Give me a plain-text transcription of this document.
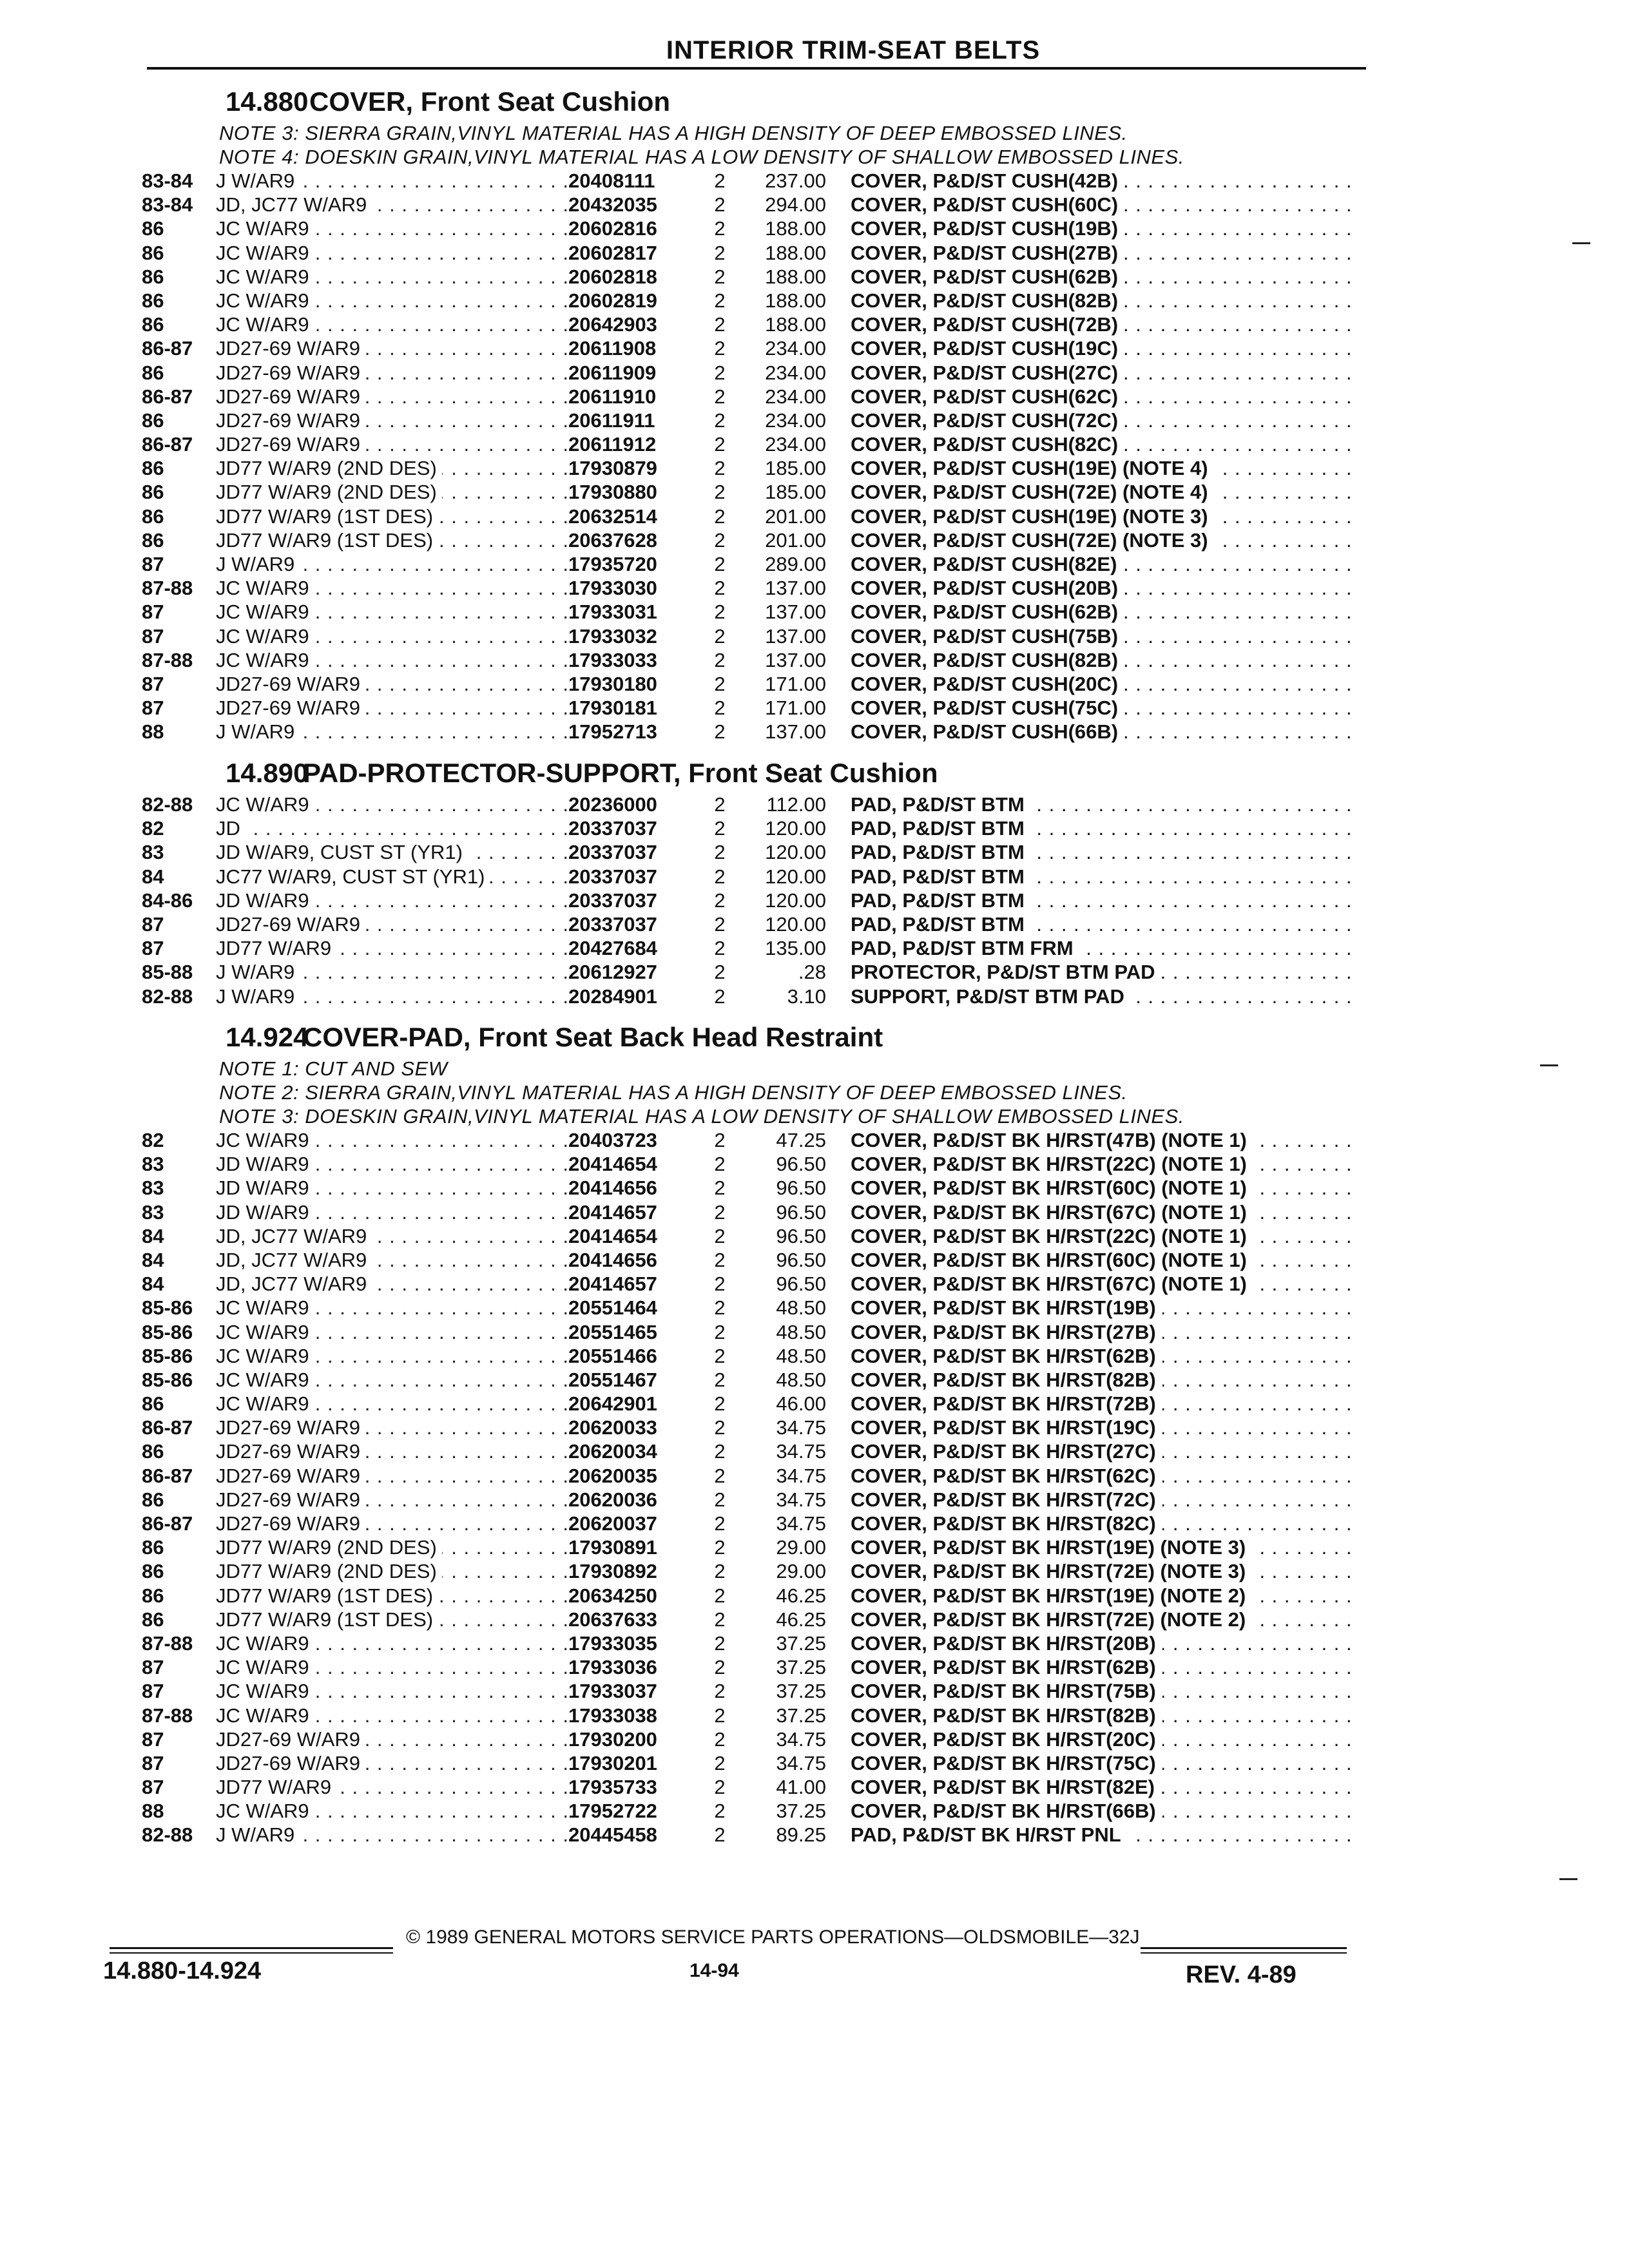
INTERIOR TRIM-SEAT BELTS
14.880 COVER, Front Seat Cushion
NOTE 3: SIERRA GRAIN,VINYL MATERIAL HAS A HIGH DENSITY OF DEEP EMBOSSED LINES.
NOTE 4: DOESKIN GRAIN,VINYL MATERIAL HAS A LOW DENSITY OF SHALLOW EMBOSSED LINES.
83-84	J W/AR9 . . .	20408111	2	237.00	COVER, P&D/ST CUSH(42B) . . .
83-84	JD, JC77 W/AR9 . . .	20432035	2	294.00	COVER, P&D/ST CUSH(60C) . . .
86	JC W/AR9 . . .	20602816	2	188.00	COVER, P&D/ST CUSH(19B) . . .
86	JC W/AR9 . . .	20602817	2	188.00	COVER, P&D/ST CUSH(27B) . . .
86	JC W/AR9 . . .	20602818	2	188.00	COVER, P&D/ST CUSH(62B) . . .
86	JC W/AR9 . . .	20602819	2	188.00	COVER, P&D/ST CUSH(82B) . . .
86	JC W/AR9 . . .	20642903	2	188.00	COVER, P&D/ST CUSH(72B) . . .
86-87	JD27-69 W/AR9 . . .	20611908	2	234.00	COVER, P&D/ST CUSH(19C) . . .
86	JD27-69 W/AR9 . . .	20611909	2	234.00	COVER, P&D/ST CUSH(27C) . . .
86-87	JD27-69 W/AR9 . . .	20611910	2	234.00	COVER, P&D/ST CUSH(62C) . . .
86	JD27-69 W/AR9 . . .	20611911	2	234.00	COVER, P&D/ST CUSH(72C) . . .
86-87	JD27-69 W/AR9 . . .	20611912	2	234.00	COVER, P&D/ST CUSH(82C) . . .
86	JD77 W/AR9 (2ND DES) . . .	17930879	2	185.00	COVER, P&D/ST CUSH(19E) (NOTE 4) . . .
86	JD77 W/AR9 (2ND DES) . . .	17930880	2	185.00	COVER, P&D/ST CUSH(72E) (NOTE 4) . . .
86	JD77 W/AR9 (1ST DES) . . .	20632514	2	201.00	COVER, P&D/ST CUSH(19E) (NOTE 3) . . .
86	JD77 W/AR9 (1ST DES) . . .	20637628	2	201.00	COVER, P&D/ST CUSH(72E) (NOTE 3) . . .
87	J W/AR9 . . .	17935720	2	289.00	COVER, P&D/ST CUSH(82E) . . .
87-88	JC W/AR9 . . .	17933030	2	137.00	COVER, P&D/ST CUSH(20B) . . .
87	JC W/AR9 . . .	17933031	2	137.00	COVER, P&D/ST CUSH(62B) . . .
87	JC W/AR9 . . .	17933032	2	137.00	COVER, P&D/ST CUSH(75B) . . .
87-88	JC W/AR9 . . .	17933033	2	137.00	COVER, P&D/ST CUSH(82B) . . .
87	JD27-69 W/AR9 . . .	17930180	2	171.00	COVER, P&D/ST CUSH(20C) . . .
87	JD27-69 W/AR9 . . .	17930181	2	171.00	COVER, P&D/ST CUSH(75C) . . .
88	J W/AR9 . . .	17952713	2	137.00	COVER, P&D/ST CUSH(66B) . . .
14.890
PAD-PROTECTOR-SUPPORT, Front Seat Cushion
82-88	JC W/AR9 . . .	20236000	2	112.00	PAD, P&D/ST BTM . . .
82	JD . . .	20337037	2	120.00	PAD, P&D/ST BTM . . .
83	JD W/AR9, CUST ST (YR1) . . .	20337037	2	120.00	PAD, P&D/ST BTM . . .
84	JC77 W/AR9, CUST ST (YR1) . . .	20337037	2	120.00	PAD, P&D/ST BTM . . .
84-86	JD W/AR9 . . .	20337037	2	120.00	PAD, P&D/ST BTM . . .
87	JD27-69 W/AR9 . . .	20337037	2	120.00	PAD, P&D/ST BTM . . .
87	JD77 W/AR9 . . .	20427684	2	135.00	PAD, P&D/ST BTM FRM . . .
85-88	J W/AR9 . . .	20612927	2	.28	PROTECTOR, P&D/ST BTM PAD . . .
82-88	J W/AR9 . . .	20284901	2	3.10	SUPPORT, P&D/ST BTM PAD . . .
14.924
COVER-PAD, Front Seat Back Head Restraint
NOTE 1: CUT AND SEW
NOTE 2: SIERRA GRAIN,VINYL MATERIAL HAS A HIGH DENSITY OF DEEP EMBOSSED LINES.
NOTE 3: DOESKIN GRAIN,VINYL MATERIAL HAS A LOW DENSITY OF SHALLOW EMBOSSED LINES.
82	JC W/AR9 . . .	20403723	2	47.25	COVER, P&D/ST BK H/RST(47B) (NOTE 1) . . .
83	JD W/AR9 . . .	20414654	2	96.50	COVER, P&D/ST BK H/RST(22C) (NOTE 1) . . .
83	JD W/AR9 . . .	20414656	2	96.50	COVER, P&D/ST BK H/RST(60C) (NOTE 1) . . .
83	JD W/AR9 . . .	20414657	2	96.50	COVER, P&D/ST BK H/RST(67C) (NOTE 1) . . .
84	JD, JC77 W/AR9 . . .	20414654	2	96.50	COVER, P&D/ST BK H/RST(22C) (NOTE 1) . . .
84	JD, JC77 W/AR9 . . .	20414656	2	96.50	COVER, P&D/ST BK H/RST(60C) (NOTE 1) . . .
84	JD, JC77 W/AR9 . . .	20414657	2	96.50	COVER, P&D/ST BK H/RST(67C) (NOTE 1) . . .
85-86	JC W/AR9 . . .	20551464	2	48.50	COVER, P&D/ST BK H/RST(19B) . . .
85-86	JC W/AR9 . . .	20551465	2	48.50	COVER, P&D/ST BK H/RST(27B) . . .
85-86	JC W/AR9 . . .	20551466	2	48.50	COVER, P&D/ST BK H/RST(62B) . . .
85-86	JC W/AR9 . . .	20551467	2	48.50	COVER, P&D/ST BK H/RST(82B) . . .
86	JC W/AR9 . . .	20642901	2	46.00	COVER, P&D/ST BK H/RST(72B) . . .
86-87	JD27-69 W/AR9 . . .	20620033	2	34.75	COVER, P&D/ST BK H/RST(19C) . . .
86	JD27-69 W/AR9 . . .	20620034	2	34.75	COVER, P&D/ST BK H/RST(27C) . . .
86-87	JD27-69 W/AR9 . . .	20620035	2	34.75	COVER, P&D/ST BK H/RST(62C) . . .
86	JD27-69 W/AR9 . . .	20620036	2	34.75	COVER, P&D/ST BK H/RST(72C) . . .
86-87	JD27-69 W/AR9 . . .	20620037	2	34.75	COVER, P&D/ST BK H/RST(82C) . . .
86	JD77 W/AR9 (2ND DES) . . .	17930891	2	29.00	COVER, P&D/ST BK H/RST(19E) (NOTE 3) . . .
86	JD77 W/AR9 (2ND DES) . . .	17930892	2	29.00	COVER, P&D/ST BK H/RST(72E) (NOTE 3) . . .
86	JD77 W/AR9 (1ST DES) . . .	20634250	2	46.25	COVER, P&D/ST BK H/RST(19E) (NOTE 2) . . .
86	JD77 W/AR9 (1ST DES) . . .	20637633	2	46.25	COVER, P&D/ST BK H/RST(72E) (NOTE 2) . . .
87-88	JC W/AR9 . . .	17933035	2	37.25	COVER, P&D/ST BK H/RST(20B) . . .
87	JC W/AR9 . . .	17933036	2	37.25	COVER, P&D/ST BK H/RST(62B) . . .
87	JC W/AR9 . . .	17933037	2	37.25	COVER, P&D/ST BK H/RST(75B) . . .
87-88	JC W/AR9 . . .	17933038	2	37.25	COVER, P&D/ST BK H/RST(82B) . . .
87	JD27-69 W/AR9 . . .	17930200	2	34.75	COVER, P&D/ST BK H/RST(20C) . . .
87	JD27-69 W/AR9 . . .	17930201	2	34.75	COVER, P&D/ST BK H/RST(75C) . . .
87	JD77 W/AR9 . . .	17935733	2	41.00	COVER, P&D/ST BK H/RST(82E) . . .
88	JC W/AR9 . . .	17952722	2	37.25	COVER, P&D/ST BK H/RST(66B) . . .
82-88	J W/AR9 . . .	20445458	2	89.25	PAD, P&D/ST BK H/RST PNL . . .
© 1989 GENERAL MOTORS SERVICE PARTS OPERATIONS—OLDSMOBILE—32J
14.880-14.924	14-94	REV. 4-89
